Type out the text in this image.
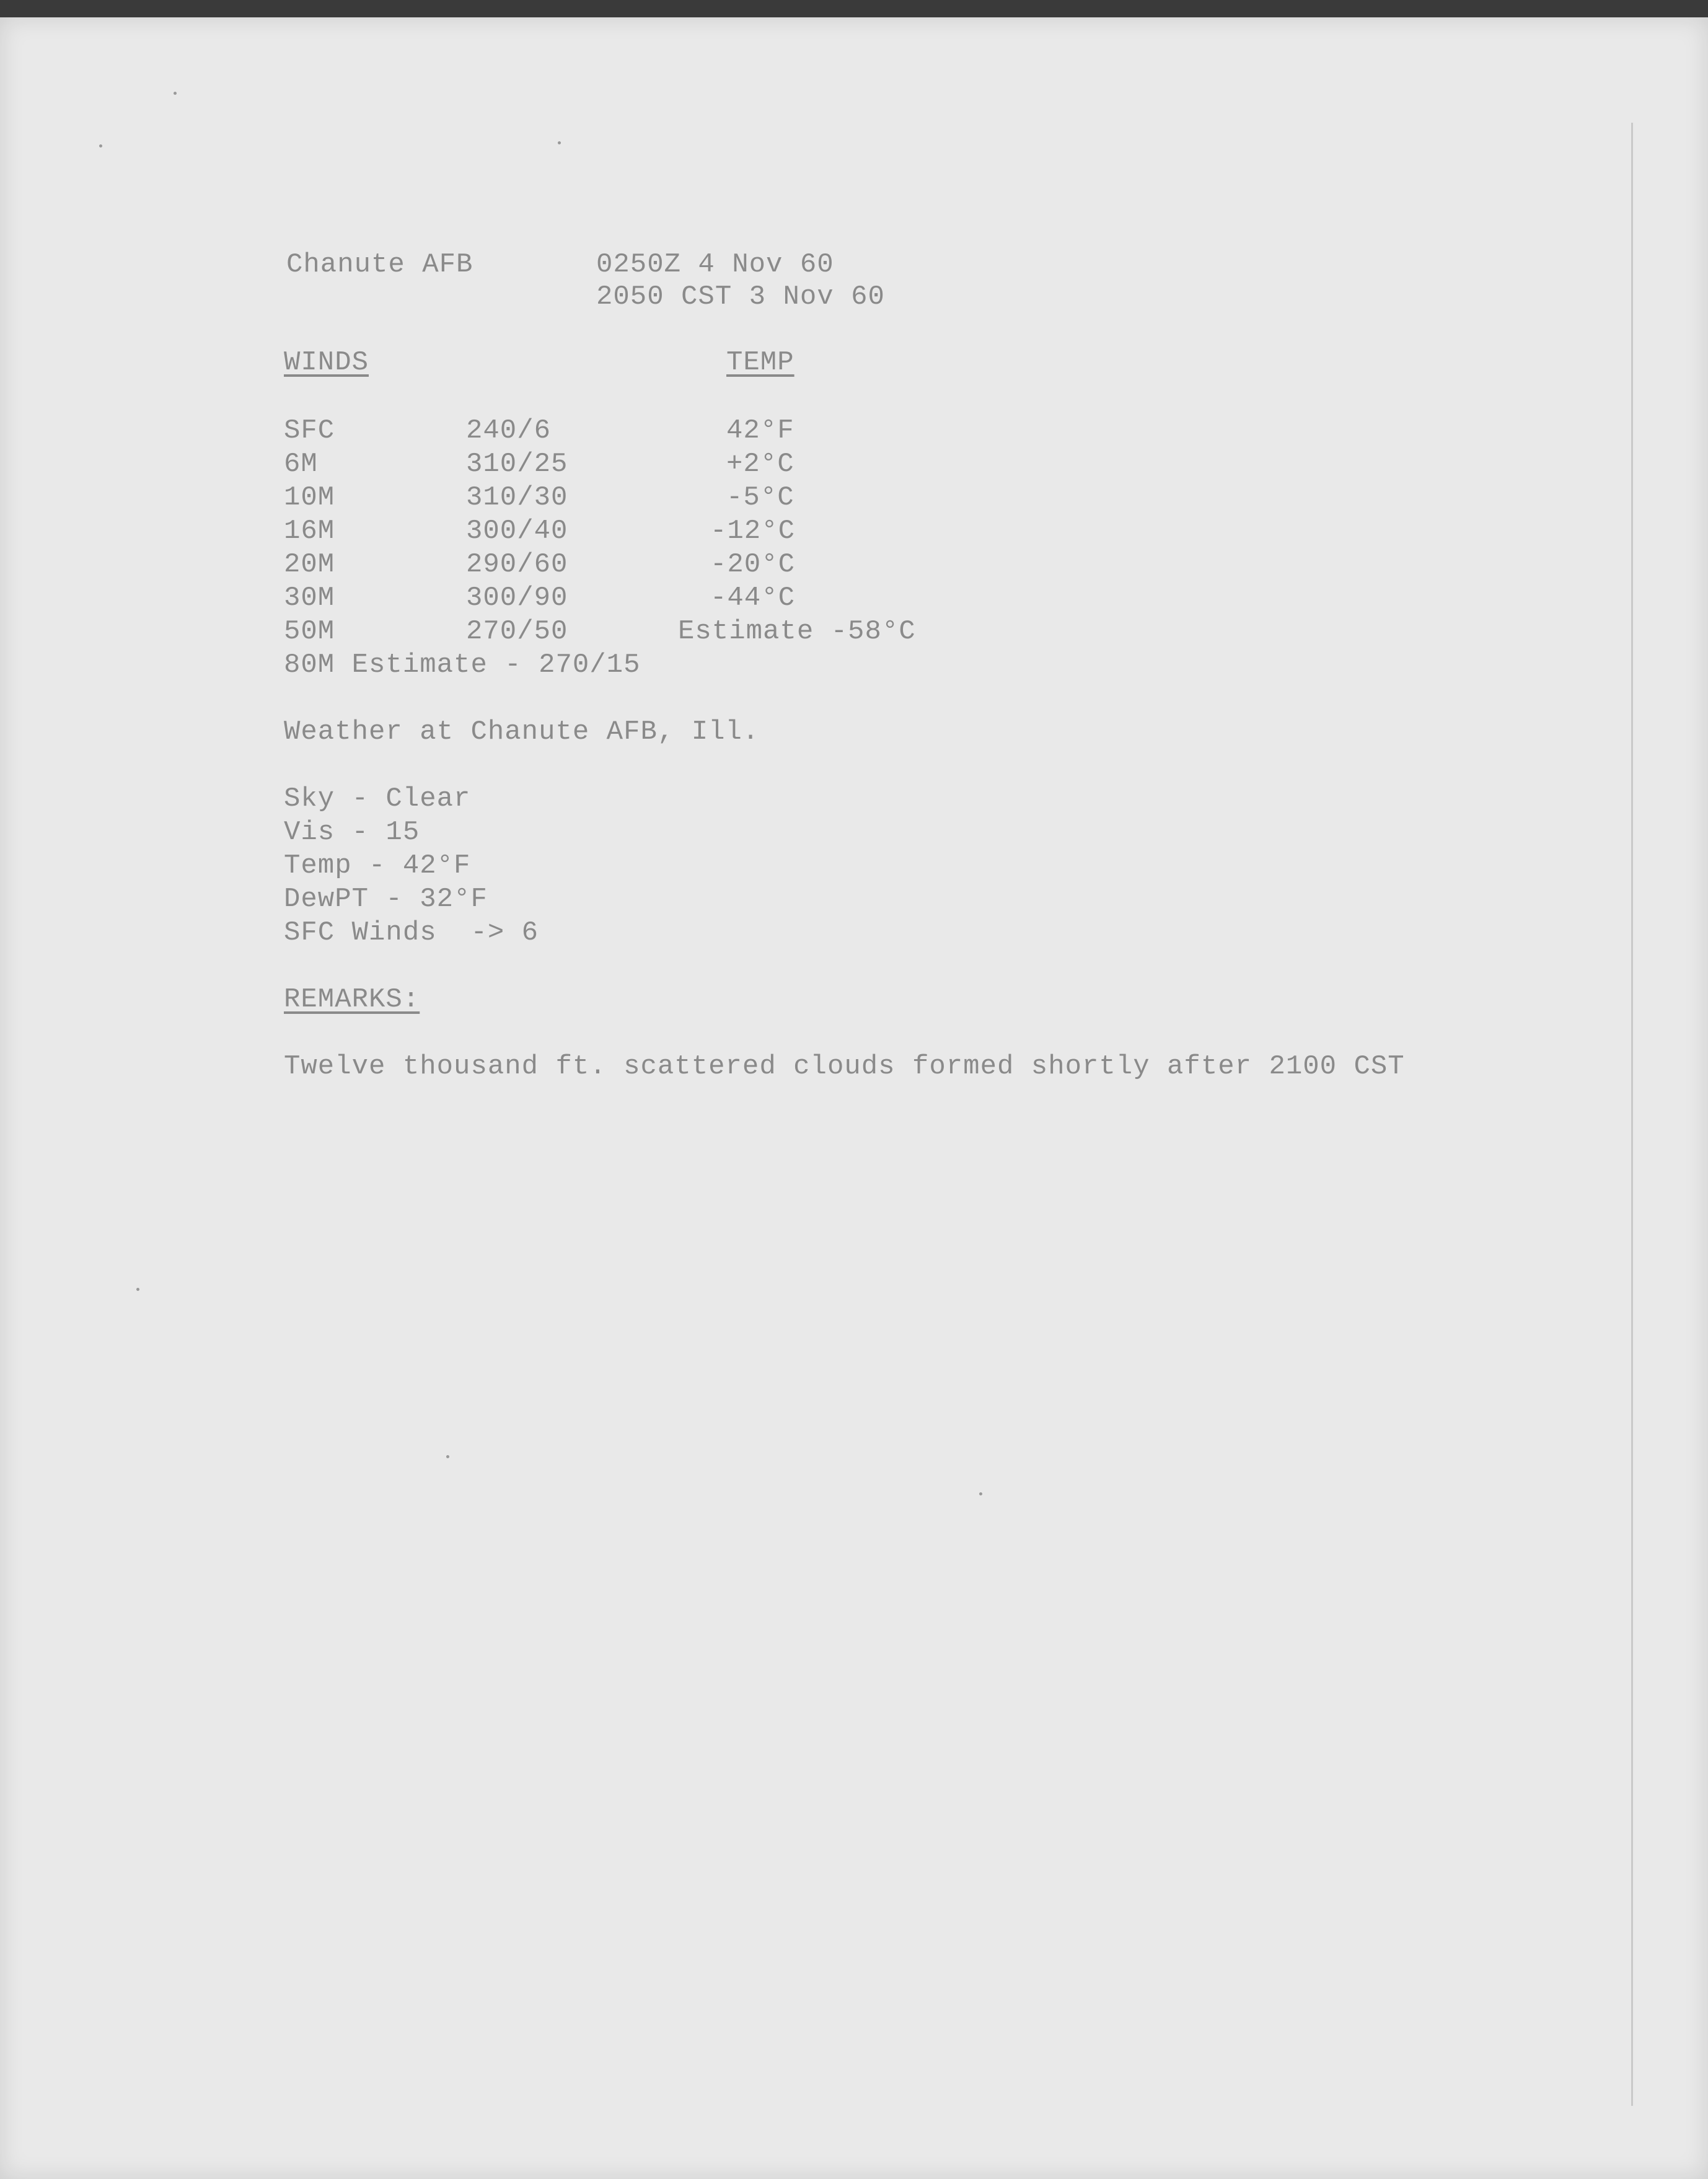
Chanute AFB	0250Z 4 Nov 60
2050 CST 3 Nov 60
WINDS	TEMP
SFC	240/6	42°F
6M	310/25	+2°C
10M	310/30	-5°C
16M	300/40	-12°C
20M	290/60	-20°C
30M	300/90	-44°C
50M	270/50	Estimate -58°C
80M Estimate - 270/15
Weather at Chanute AFB, Ill.
Sky - Clear
Vis - 15
Temp - 42°F
DewPT - 32°F
SFC Winds  -> 6
REMARKS:
Twelve thousand ft. scattered clouds formed shortly after 2100 CST
